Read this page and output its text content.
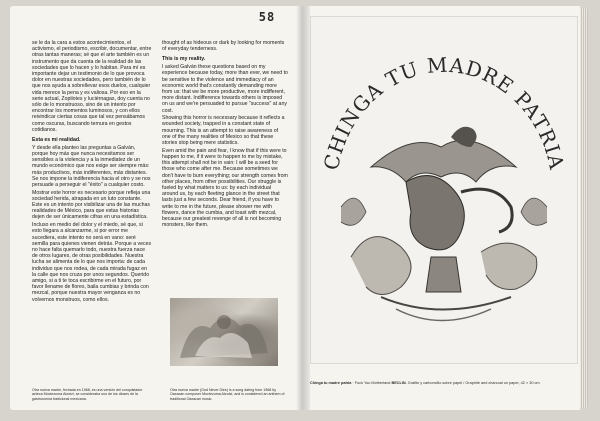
58

se le da la cara a estos acontecimientos, el activismo, el periodismo, escribir, documentar, entre otras tantas maneras; sé que el arte también es un instrumento que da cuenta de la realidad de las sociedades que lo hacen y lo habitan. Para mí es importante dejar un testimonio de lo que provoca dolor en nuestras sociedades, pero también de lo que nos ayuda a sobrellevar esos duelos, cualquier vida merece la pena y es valiosa. Por eso en la serie actual, Zopilotes y luciérnagas, doy cuenta no sólo de lo monstruoso, sino de un intento por encontrar los momentos luminosos, y con ellos reivindicar ciertas cosas que tal vez pensábamos como oscuras, buscando ternura en gestos cotidianos.

Esta es mi realidad.

Y desde ella planteo las preguntas a Galván, porque hoy más que nunca necesitamos ser sensibles a la violencia y a la inmediatez de un mundo económico que nos exige ser siempre más: más productivos, más indiferentes, más distantes. Se nos impone la indiferencia hacia el otro y se nos persuade a perseguir el "éxito" a cualquier costo.

Mostrar este horror es necesario porque refleja una sociedad herida, atrapada en un luto constante. Este es un intento por visibilizar una de las muchas realidades de México, para que estas historias dejen de ser únicamente cifras en una estadística.

Incluso en medio del dolor y el miedo, sé que, si esto llegara a alcanzarme, si por error me sucediera, este intento no será en vano: seré semilla para quienes vienen detrás. Porque a veces no hace falta quemarlo todo, nuestra fuerza nace de otros lugares, de otras posibilidades. Nuestra lucha se alimenta de lo que nos importa: de cada individuo que nos rodea, de cada mirada fugaz en la calle que nos cruza por unos segundos. Querido amigo, si a ti te toca escribirme en el futuro, por favor llename de flores, baila cumbias y brinda con mezcal, porque nuestra mayor venganza es no volvernos monstruos, como ellos.

thought of as hideous or dark by looking for moments of everyday tenderness.

This is my reality.

I asked Galván these questions based on my experience because today, more than ever, we need to be sensitive to the violence and immediacy of an economic world that's constantly demanding more from us: that we be more productive, more indifferent, more distant. Indifference towards others is imposed on us and we're persuaded to pursue "success" at any cost.

Showing this horror is necessary because it reflects a wounded society, trapped in a constant state of mourning. This is an attempt to raise awareness of one of the many realities of Mexico so that these stories stop being mere statistics.

Even amid the pain and fear, I know that if this were to happen to me, if it were to happen to me by mistake, this attempt shall not be in vain: I will be a seed for those who come after me. Because sometimes we don't have to burn everything; our strength comes from other places, from other possibilities. Our struggle is fueled by what matters to us: by each individual around us, by each fleeting glance in the street that lasts just a few seconds. Dear friend, if you have to write to me in the future, please shower me with flowers, dance the cumbia, and toast with mezcal, because our greatest revenge of all is not becoming monsters, like them.

Otra nueva madre, fechada en 1968, es una versión del conquistador azteca Moctezuma Atzotzi, se consideraba uno de los dioses de la gastronomía tradicional mexicana.
Otra nueva madre (God Never Dies) is a song dating from 1968 by Oaxacan composer Moctezuma Atzotzi, and is considered an anthem of traditional Oaxacan music.
CHINGA TU MADRE PATRIA
Chinga tu madre patria · Fuck You Motherland BECLIN. Grafito y carboncillo sobre papel / Graphite and charcoal on paper, 42 × 30 cm.
